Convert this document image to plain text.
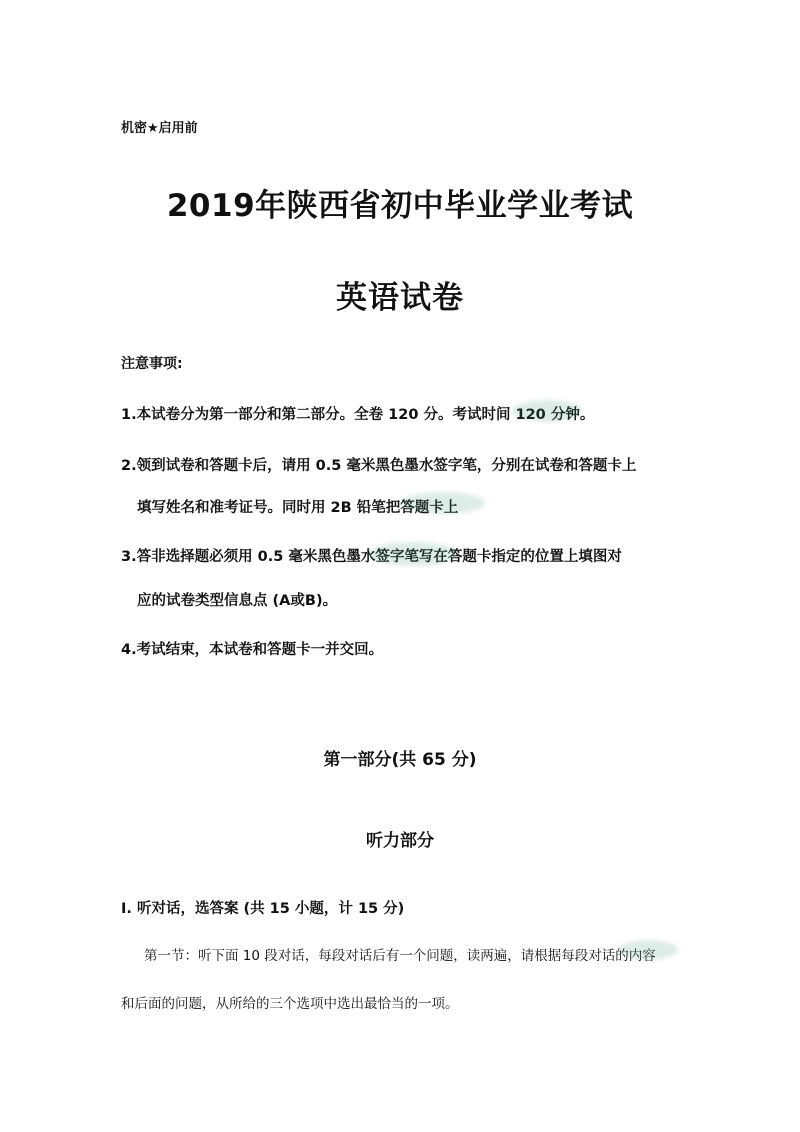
机密★启用前
2019年陕西省初中毕业学业考试
英语试卷
注意事项:
1.本试卷分为第一部分和第二部分。全卷 120 分。考试时间 120 分钟。
2.领到试卷和答题卡后，请用 0.5 毫米黑色墨水签字笔，分别在试卷和答题卡上
填写姓名和准考证号。同时用 2B 铅笔把答题卡上
3.答非选择题必须用 0.5 毫米黑色墨水签字笔写在答题卡指定的位置上填图对
应的试卷类型信息点 (A或B)。
4.考试结束，本试卷和答题卡一并交回。
第一部分(共 65 分)
听力部分
I. 听对话，选答案 (共 15 小题，计 15 分)
第一节：听下面 10 段对话，每段对话后有一个问题，读两遍，请根据每段对话的内容
和后面的问题，从所给的三个选项中选出最恰当的一项。
